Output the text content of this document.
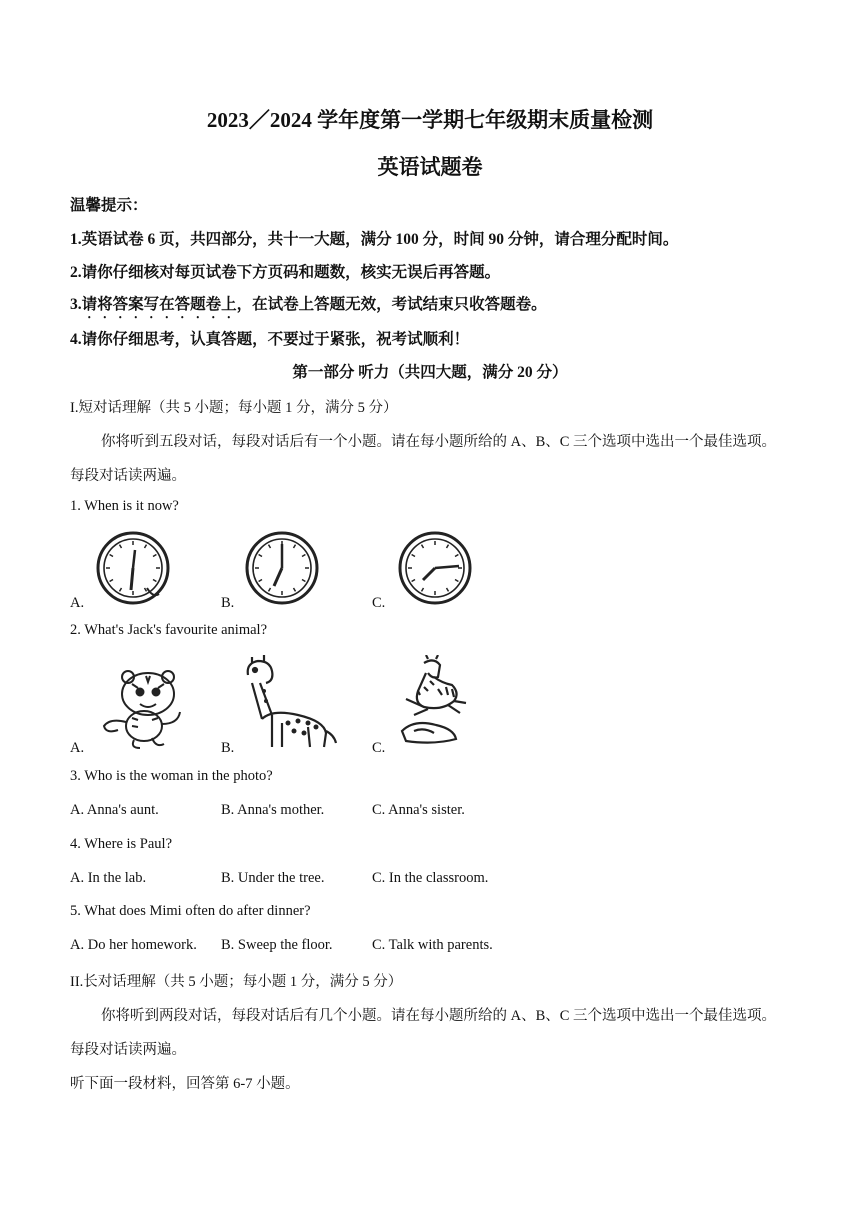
2023／2024 学年度第一学期七年级期末质量检测
英语试题卷
温馨提示：
1.英语试卷 6 页，共四部分，共十一大题，满分 100 分，时间 90 分钟，请合理分配时间。
2.请你仔细核对每页试卷下方页码和题数，核实无误后再答题。
3.请将答案写在答题卷上，在试卷上答题无效，考试结束只收答题卷。
4.请你仔细思考，认真答题，不要过于紧张，祝考试顺利！
第一部分 听力（共四大题，满分 20 分）
I.短对话理解（共 5 小题；每小题 1 分，满分 5 分）
你将听到五段对话，每段对话后有一个小题。请在每小题所给的 A、B、C 三个选项中选出一个最佳选项。
每段对话读两遍。
1. When is it now?
A.	B.	C.
2. What's Jack's favourite animal?
A.	B.	C.
3. Who is the woman in the photo?
A. Anna's aunt.	B. Anna's mother.	C. Anna's sister.
4. Where is Paul?
A. In the lab.	B. Under the tree.	C. In the classroom.
5. What does Mimi often do after dinner?
A. Do her homework. B. Sweep the floor.	C. Talk with parents.
II.长对话理解（共 5 小题；每小题 1 分，满分 5 分）
你将听到两段对话，每段对话后有几个小题。请在每小题所给的 A、B、C 三个选项中选出一个最佳选项。
每段对话读两遍。
听下面一段材料，回答第 6-7 小题。
